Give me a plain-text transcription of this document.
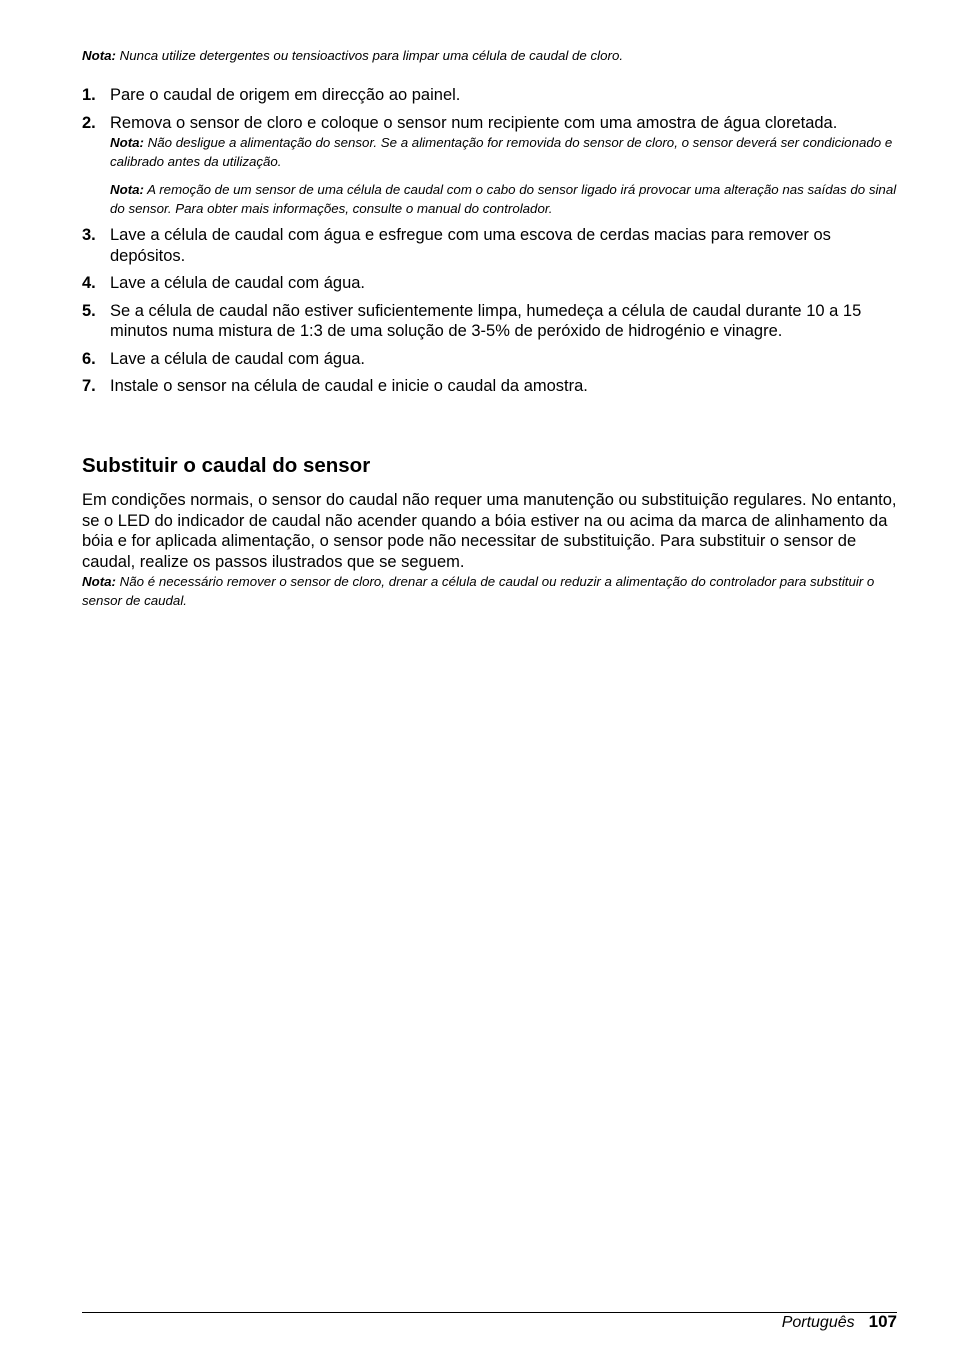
Nota: Nunca utilize detergentes ou tensioactivos para limpar uma célula de caudal de cloro.
1. Pare o caudal de origem em direcção ao painel.
2. Remova o sensor de cloro e coloque o sensor num recipiente com uma amostra de água cloretada.
Nota: Não desligue a alimentação do sensor. Se a alimentação for removida do sensor de cloro, o sensor deverá ser condicionado e calibrado antes da utilização.
Nota: A remoção de um sensor de uma célula de caudal com o cabo do sensor ligado irá provocar uma alteração nas saídas do sinal do sensor. Para obter mais informações, consulte o manual do controlador.
3. Lave a célula de caudal com água e esfregue com uma escova de cerdas macias para remover os depósitos.
4. Lave a célula de caudal com água.
5. Se a célula de caudal não estiver suficientemente limpa, humedeça a célula de caudal durante 10 a 15 minutos numa mistura de 1:3 de uma solução de 3-5% de peróxido de hidrogénio e vinagre.
6. Lave a célula de caudal com água.
7. Instale o sensor na célula de caudal e inicie o caudal da amostra.
Substituir o caudal do sensor

Em condições normais, o sensor do caudal não requer uma manutenção ou substituição regulares. No entanto, se o LED do indicador de caudal não acender quando a bóia estiver na ou acima da marca de alinhamento da bóia e for aplicada alimentação, o sensor pode não necessitar de substituição. Para substituir o sensor de caudal, realize os passos ilustrados que se seguem.

Nota: Não é necessário remover o sensor de cloro, drenar a célula de caudal ou reduzir a alimentação do controlador para substituir o sensor de caudal.
Português 107
